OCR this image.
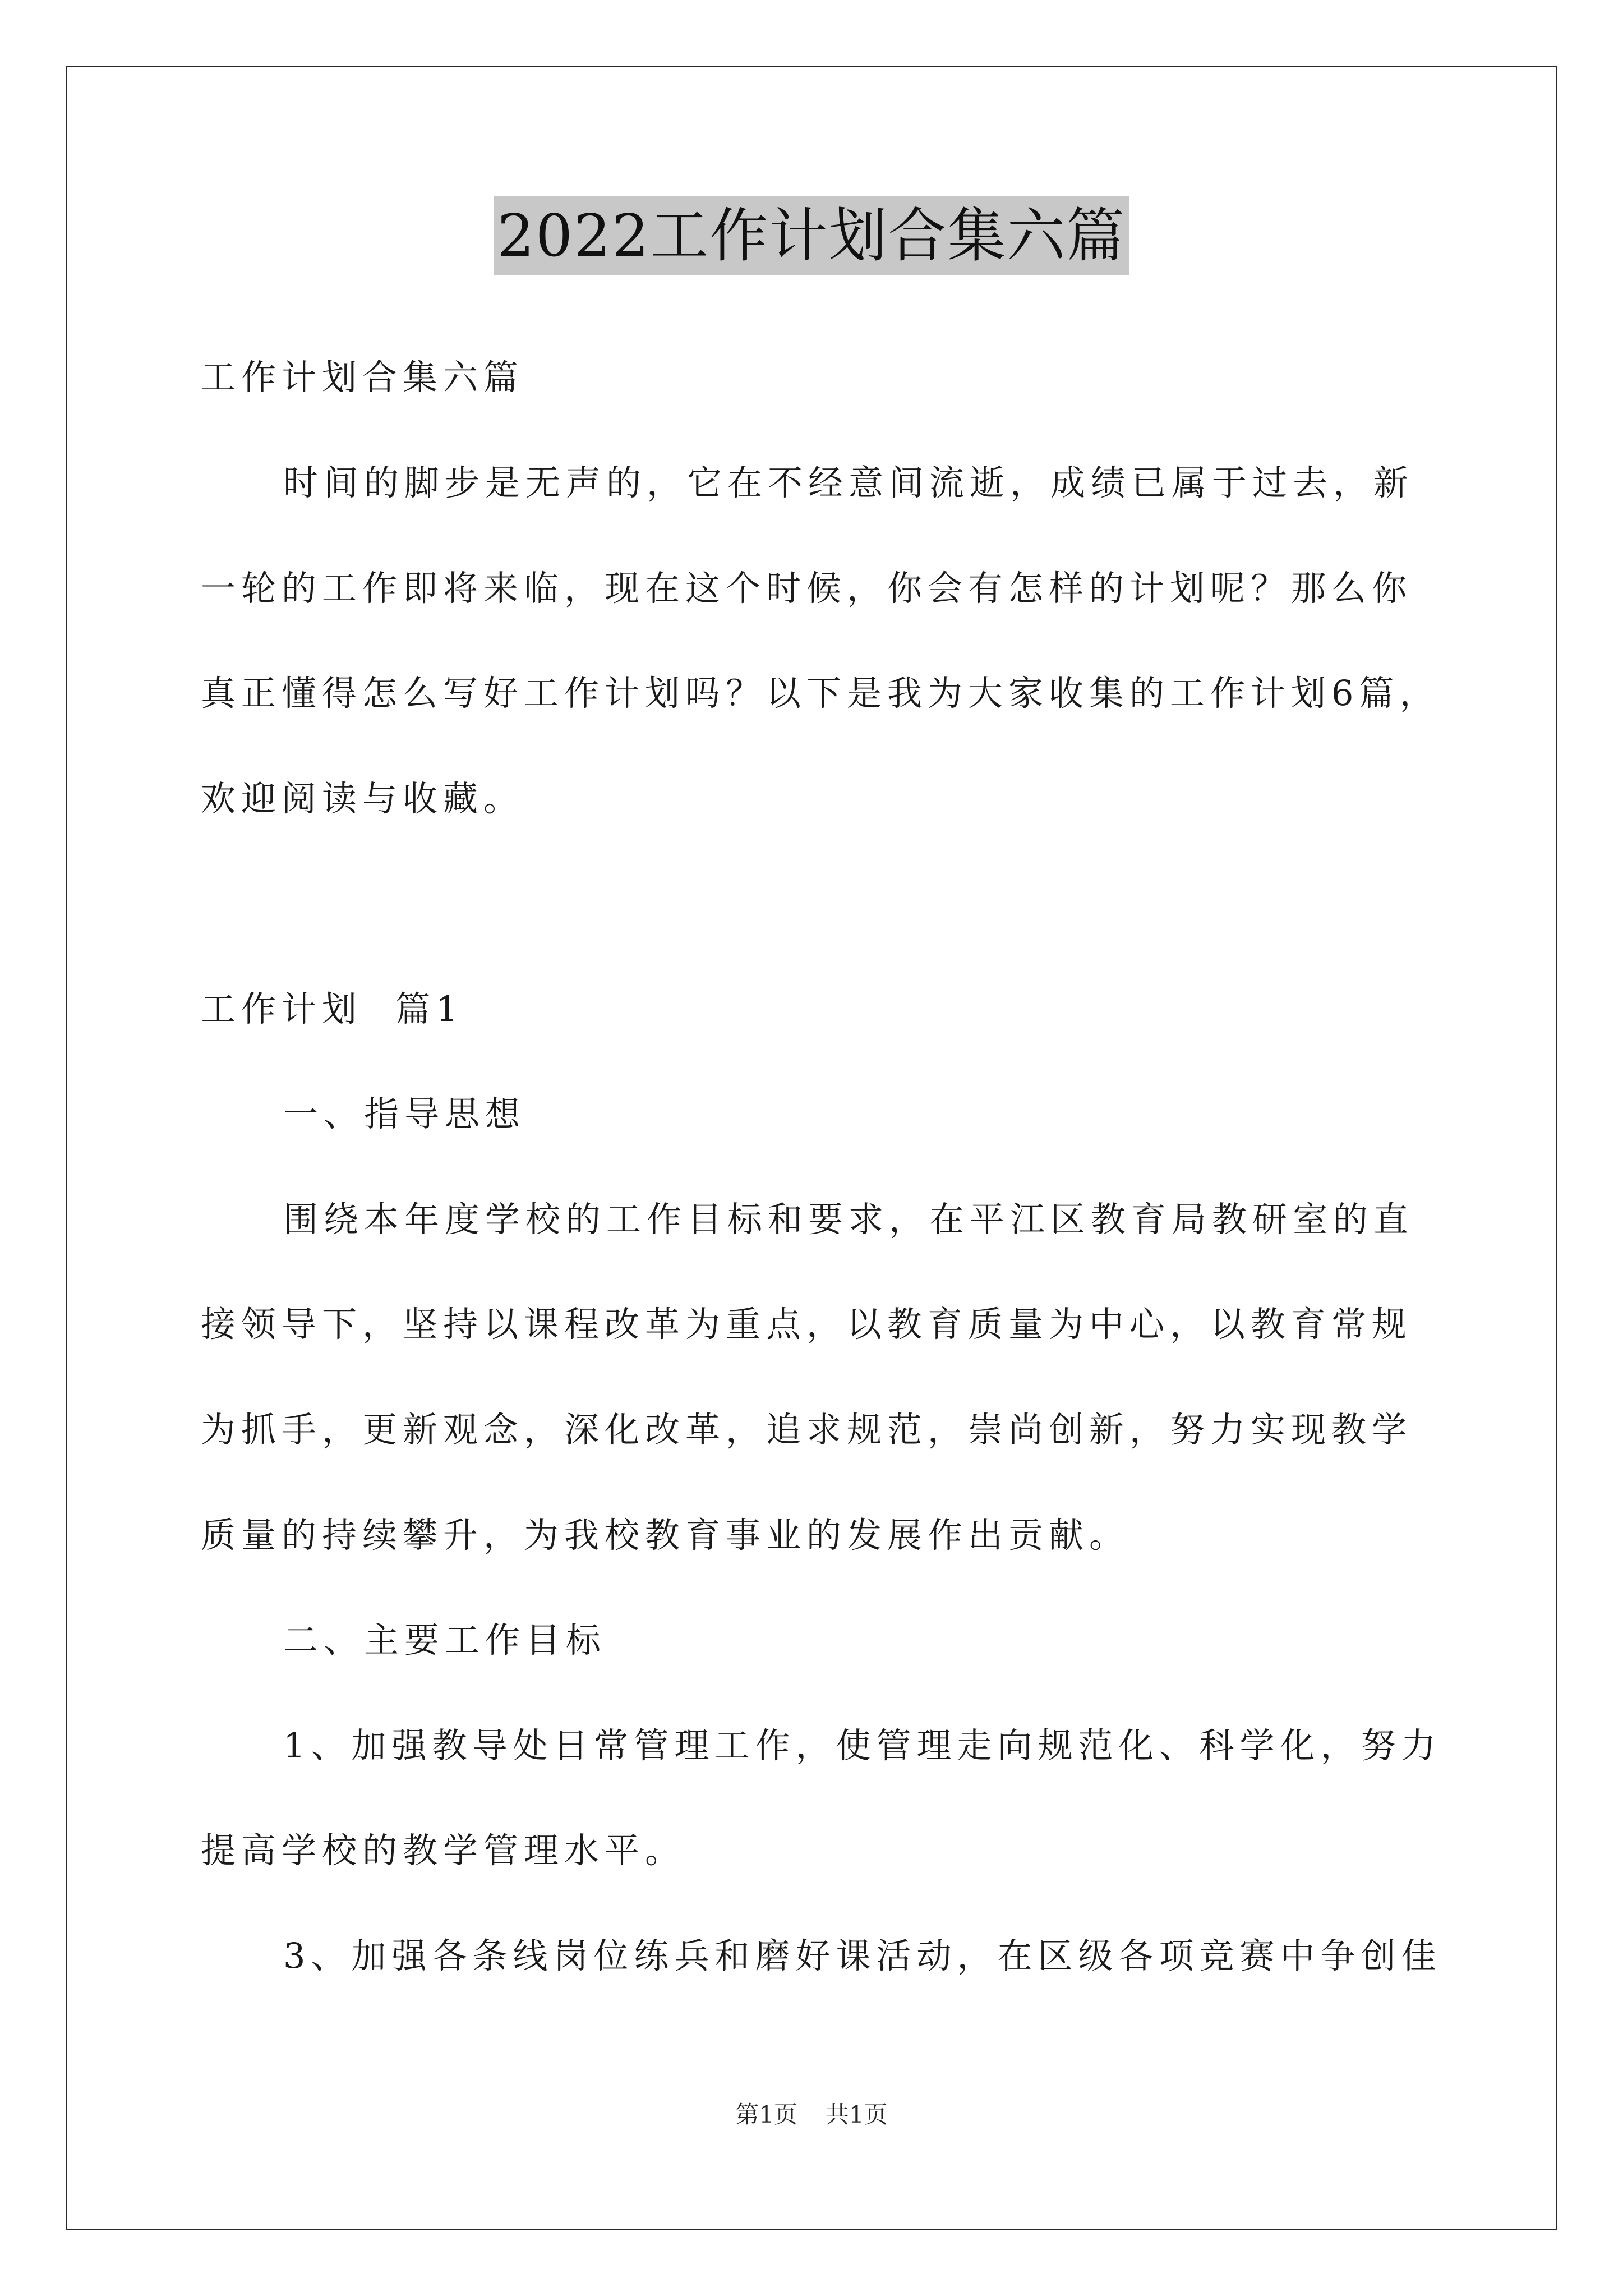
2022工作计划合集六篇
工作计划合集六篇
时间的脚步是无声的，它在不经意间流逝，成绩已属于过去，新
一轮的工作即将来临，现在这个时候，你会有怎样的计划呢？那么你
真正懂得怎么写好工作计划吗？以下是我为大家收集的工作计划6篇，
欢迎阅读与收藏。
工作计划  篇1
一、指导思想
围绕本年度学校的工作目标和要求，在平江区教育局教研室的直
接领导下，坚持以课程改革为重点，以教育质量为中心，以教育常规
为抓手，更新观念，深化改革，追求规范，崇尚创新，努力实现教学
质量的持续攀升，为我校教育事业的发展作出贡献。
二、主要工作目标
1、加强教导处日常管理工作，使管理走向规范化、科学化，努力
提高学校的教学管理水平。
3、加强各条线岗位练兵和磨好课活动，在区级各项竞赛中争创佳
第1页 共1页
